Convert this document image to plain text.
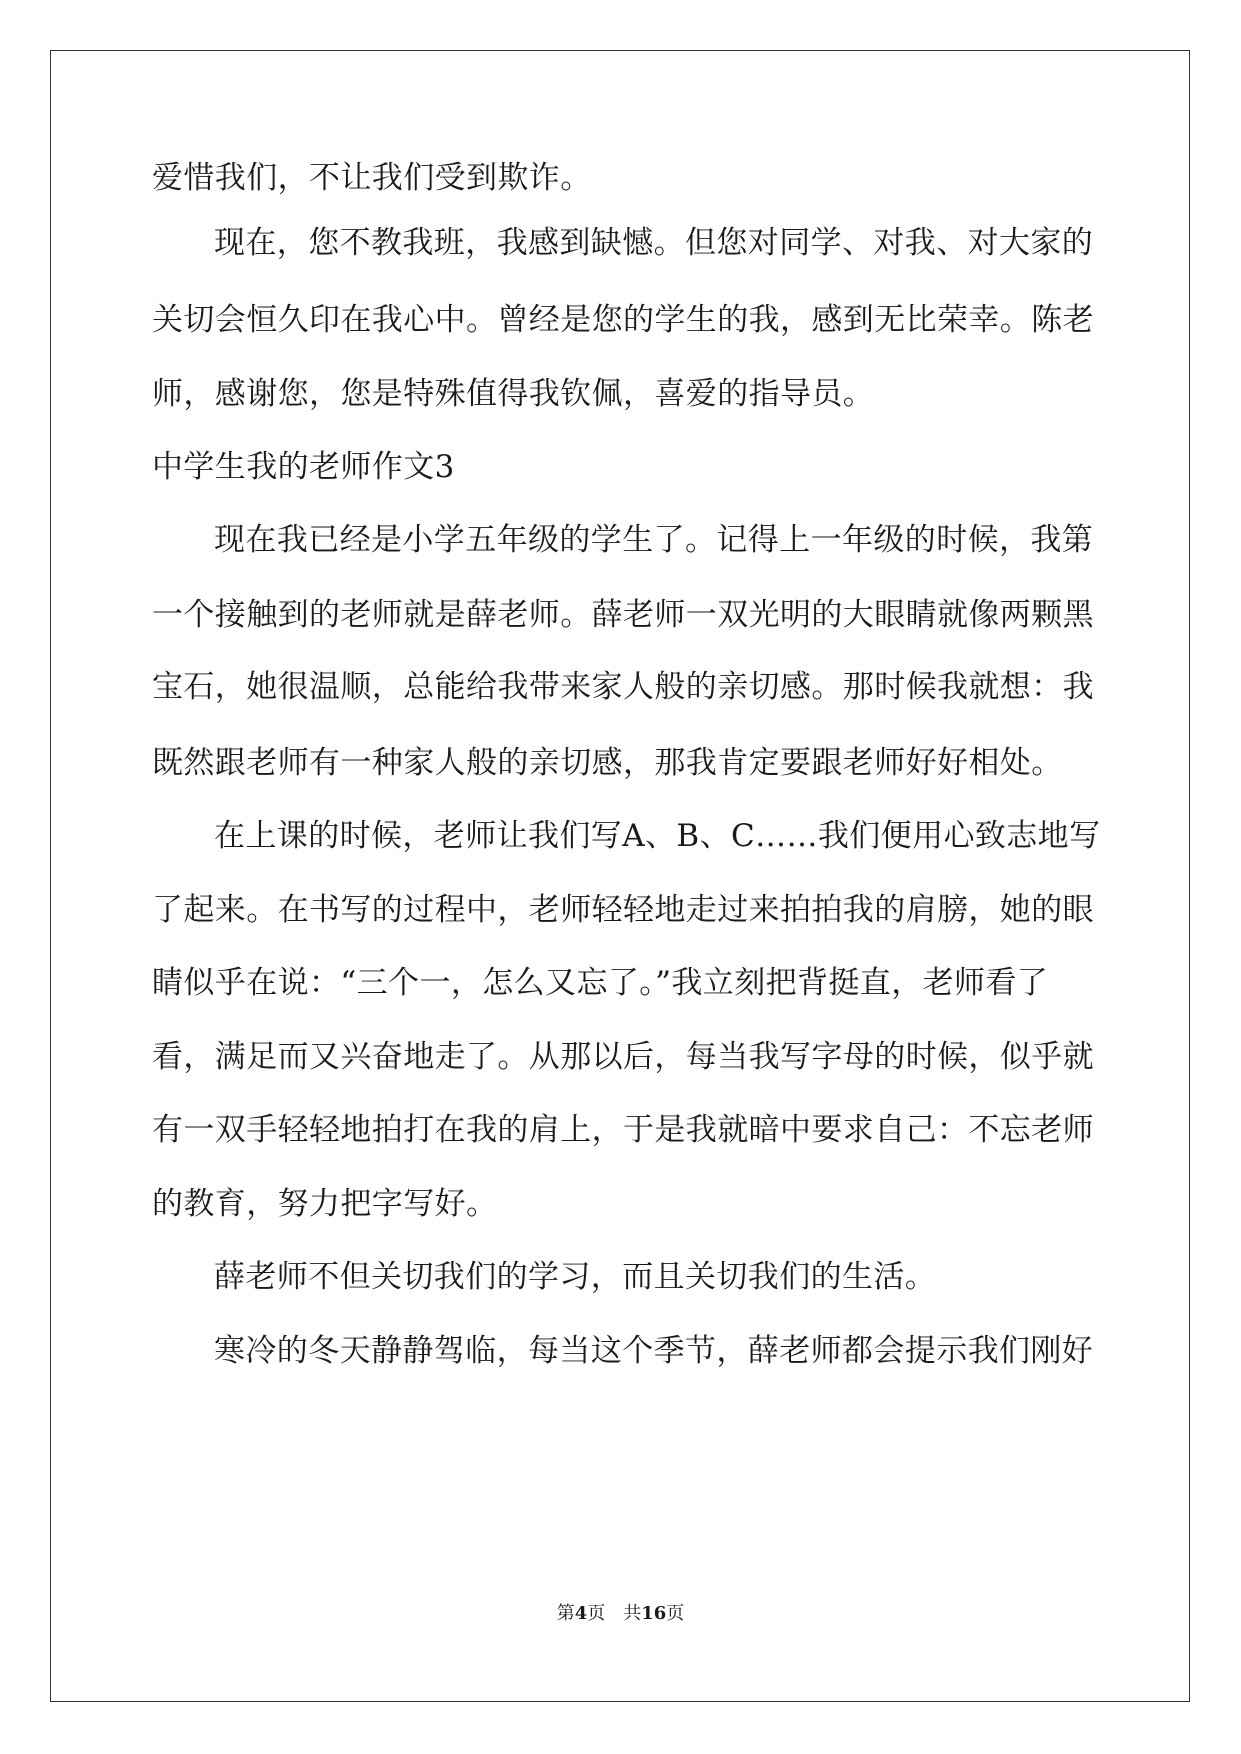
爱惜我们，不让我们受到欺诈。
现在，您不教我班，我感到缺憾。但您对同学、对我、对大家的
关切会恒久印在我心中。曾经是您的学生的我，感到无比荣幸。陈老
师，感谢您，您是特殊值得我钦佩，喜爱的指导员。
中学生我的老师作文3
现在我已经是小学五年级的学生了。记得上一年级的时候，我第
一个接触到的老师就是薛老师。薛老师一双光明的大眼睛就像两颗黑
宝石，她很温顺，总能给我带来家人般的亲切感。那时候我就想：我
既然跟老师有一种家人般的亲切感，那我肯定要跟老师好好相处。
在上课的时候，老师让我们写A、B、C……我们便用心致志地写
了起来。在书写的过程中，老师轻轻地走过来拍拍我的肩膀，她的眼
睛似乎在说：“三个一，怎么又忘了。”我立刻把背挺直，老师看了
看，满足而又兴奋地走了。从那以后，每当我写字母的时候，似乎就
有一双手轻轻地拍打在我的肩上，于是我就暗中要求自己：不忘老师
的教育，努力把字写好。
薛老师不但关切我们的学习，而且关切我们的生活。
寒冷的冬天静静驾临，每当这个季节，薛老师都会提示我们刚好
第4页 共16页
